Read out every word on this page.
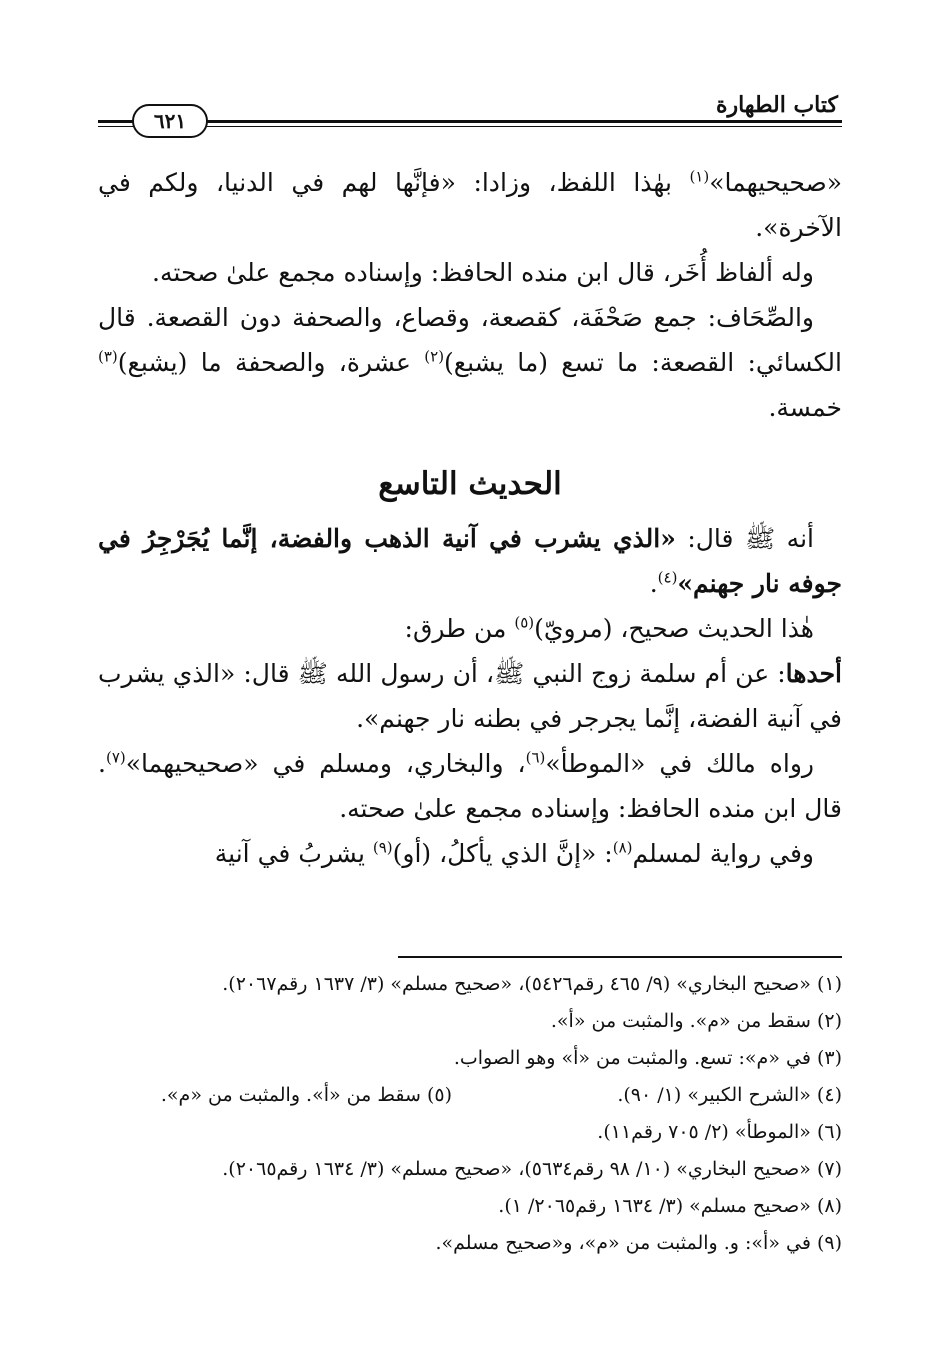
كتاب الطهارة
٦٢١

«صحيحيهما»$^{(١)}$ بهٰذا اللفظ، وزادا: «فإنَّها لهم في الدنيا، ولكم في الآخرة».

وله ألفاظ أُخَر، قال ابن منده الحافظ: وإسناده مجمع علىٰ صحته.

والصِّحَاف: جمع صَحْفَة، كقصعة، وقصاع، والصحفة دون القصعة. قال الكسائي: القصعة: ما تسع (ما يشبع)$^{(٢)}$ عشرة، والصحفة ما (يشبع)$^{(٣)}$ خمسة.

الحديث التاسع

أنه ﷺ قال: «الذي يشرب في آنية الذهب والفضة، إنَّما يُجَرْجِرُ في جوفه نار جهنم»$^{(٤)}$.

هٰذا الحديث صحيح، (مرويّ)$^{(٥)}$ من طرق:

أحدها: عن أم سلمة زوج النبي ﷺ، أن رسول الله ﷺ قال: «الذي يشرب في آنية الفضة، إنَّما يجرجر في بطنه نار جهنم».

رواه مالك في «الموطأ»$^{(٦)}$، والبخاري، ومسلم في «صحيحيهما»$^{(٧)}$. قال ابن منده الحافظ: وإسناده مجمع علىٰ صحته.

وفي رواية لمسلم$^{(٨)}$: «إنَّ الذي يأكلُ، (أو)$^{(٩)}$ يشربُ في آنية

(١) «صحيح البخاري» (٩/ ٤٦٥ رقم٥٤٢٦)، «صحيح مسلم» (٣/ ١٦٣٧ رقم٢٠٦٧).

(٢) سقط من «م». والمثبت من «أ».

(٣) في «م»: تسع. والمثبت من «أ» وهو الصواب.

(٤) «الشرح الكبير» (١/ ٩٠).

(٥) سقط من «أ». والمثبت من «م».

(٦) «الموطأ» (٢/ ٧٠٥ رقم١١).

(٧) «صحيح البخاري» (١٠/ ٩٨ رقم٥٦٣٤)، «صحيح مسلم» (٣/ ١٦٣٤ رقم٢٠٦٥).

(٨) «صحيح مسلم» (٣/ ١٦٣٤ رقم٢٠٦٥/ ١).

(٩) في «أ»: و. والمثبت من «م»، و«صحيح مسلم».
